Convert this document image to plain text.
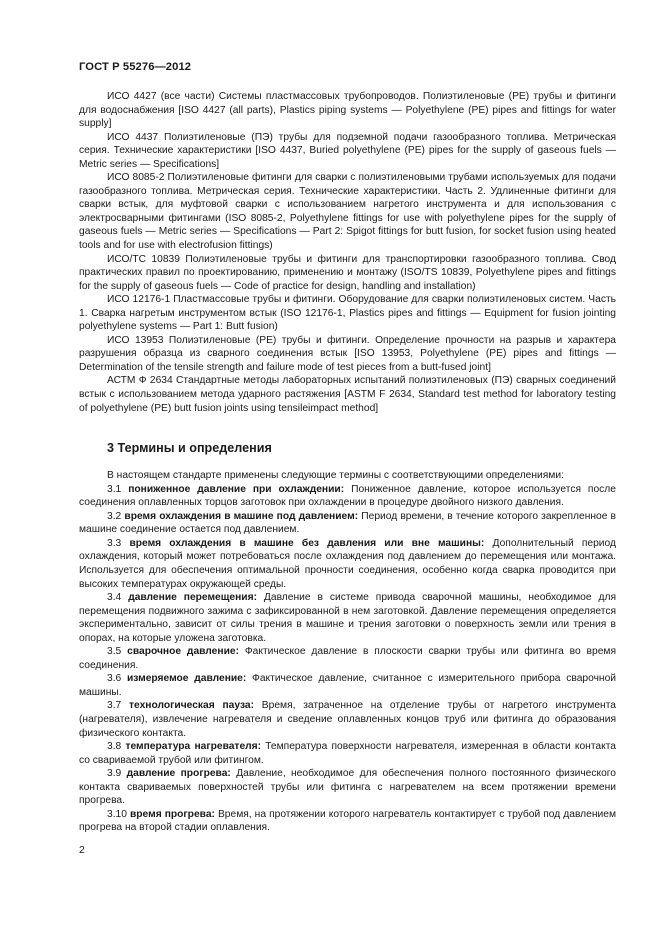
ГОСТ Р 55276—2012

ИСО 4427 (все части) Системы пластмассовых трубопроводов. Полиэтиленовые (PE) трубы и фитинги для водоснабжения [ISO 4427 (all parts), Plastics piping systems — Polyethylene (PE) pipes and fittings for water supply]

ИСО 4437 Полиэтиленовые (ПЭ) трубы для подземной подачи газообразного топлива. Метрическая серия. Технические характеристики [ISO 4437, Buried polyethylene (PE) pipes for the supply of gaseous fuels — Metric series — Specifications]

ИСО 8085-2 Полиэтиленовые фитинги для сварки с полиэтиленовыми трубами используемых для подачи газообразного топлива. Метрическая серия. Технические характеристики. Часть 2. Удлиненные фитинги для сварки встык, для муфтовой сварки с использованием нагретого инструмента и для использования с электросварными фитингами (ISO 8085-2, Polyethylene fittings for use with polyethylene pipes for the supply of gaseous fuels — Metric series — Specifications — Part 2: Spigot fittings for butt fusion, for socket fusion using heated tools and for use with electrofusion fittings)

ИСО/TC 10839 Полиэтиленовые трубы и фитинги для транспортировки газообразного топлива. Свод практических правил по проектированию, применению и монтажу (ISO/TS 10839, Polyethylene pipes and fittings for the supply of gaseous fuels — Code of practice for design, handling and installation)

ИСО 12176-1 Пластмассовые трубы и фитинги. Оборудование для сварки полиэтиленовых систем. Часть 1. Сварка нагретым инструментом встык (ISO 12176-1, Plastics pipes and fittings — Equipment for fusion jointing polyethylene systems — Part 1: Butt fusion)

ИСО 13953 Полиэтиленовые (PE) трубы и фитинги. Определение прочности на разрыв и характера разрушения образца из сварного соединения встык [ISO 13953, Polyethylene (PE) pipes and fittings — Determination of the tensile strength and failure mode of test pieces from a butt-fused joint]

АСТМ Ф 2634 Стандартные методы лабораторных испытаний полиэтиленовых (ПЭ) сварных соединений встык с использованием метода ударного растяжения [ASTM F 2634, Standard test method for laboratory testing of polyethylene (PE) butt fusion joints using tensileimpact method]

3 Термины и определения

В настоящем стандарте применены следующие термины с соответствующими определениями:

3.1 пониженное давление при охлаждении: Пониженное давление, которое используется после соединения оплавленных торцов заготовок при охлаждении в процедуре двойного низкого давления.

3.2 время охлаждения в машине под давлением: Период времени, в течение которого закрепленное в машине соединение остается под давлением.

3.3 время охлаждения в машине без давления или вне машины: Дополнительный период охлаждения, который может потребоваться после охлаждения под давлением до перемещения или монтажа. Используется для обеспечения оптимальной прочности соединения, особенно когда сварка проводится при высоких температурах окружающей среды.

3.4 давление перемещения: Давление в системе привода сварочной машины, необходимое для перемещения подвижного зажима с зафиксированной в нем заготовкой. Давление перемещения определяется экспериментально, зависит от силы трения в машине и трения заготовки о поверхность земли или трения в опорах, на которые уложена заготовка.

3.5 сварочное давление: Фактическое давление в плоскости сварки трубы или фитинга во время соединения.

3.6 измеряемое давление: Фактическое давление, считанное с измерительного прибора сварочной машины.

3.7 технологическая пауза: Время, затраченное на отделение трубы от нагретого инструмента (нагревателя), извлечение нагревателя и сведение оплавленных концов труб или фитинга до образования физического контакта.

3.8 температура нагревателя: Температура поверхности нагревателя, измеренная в области контакта со свариваемой трубой или фитингом.

3.9 давление прогрева: Давление, необходимое для обеспечения полного постоянного физического контакта свариваемых поверхностей трубы или фитинга с нагревателем на всем протяжении времени прогрева.

3.10 время прогрева: Время, на протяжении которого нагреватель контактирует с трубой под давлением прогрева на второй стадии оплавления.

2
